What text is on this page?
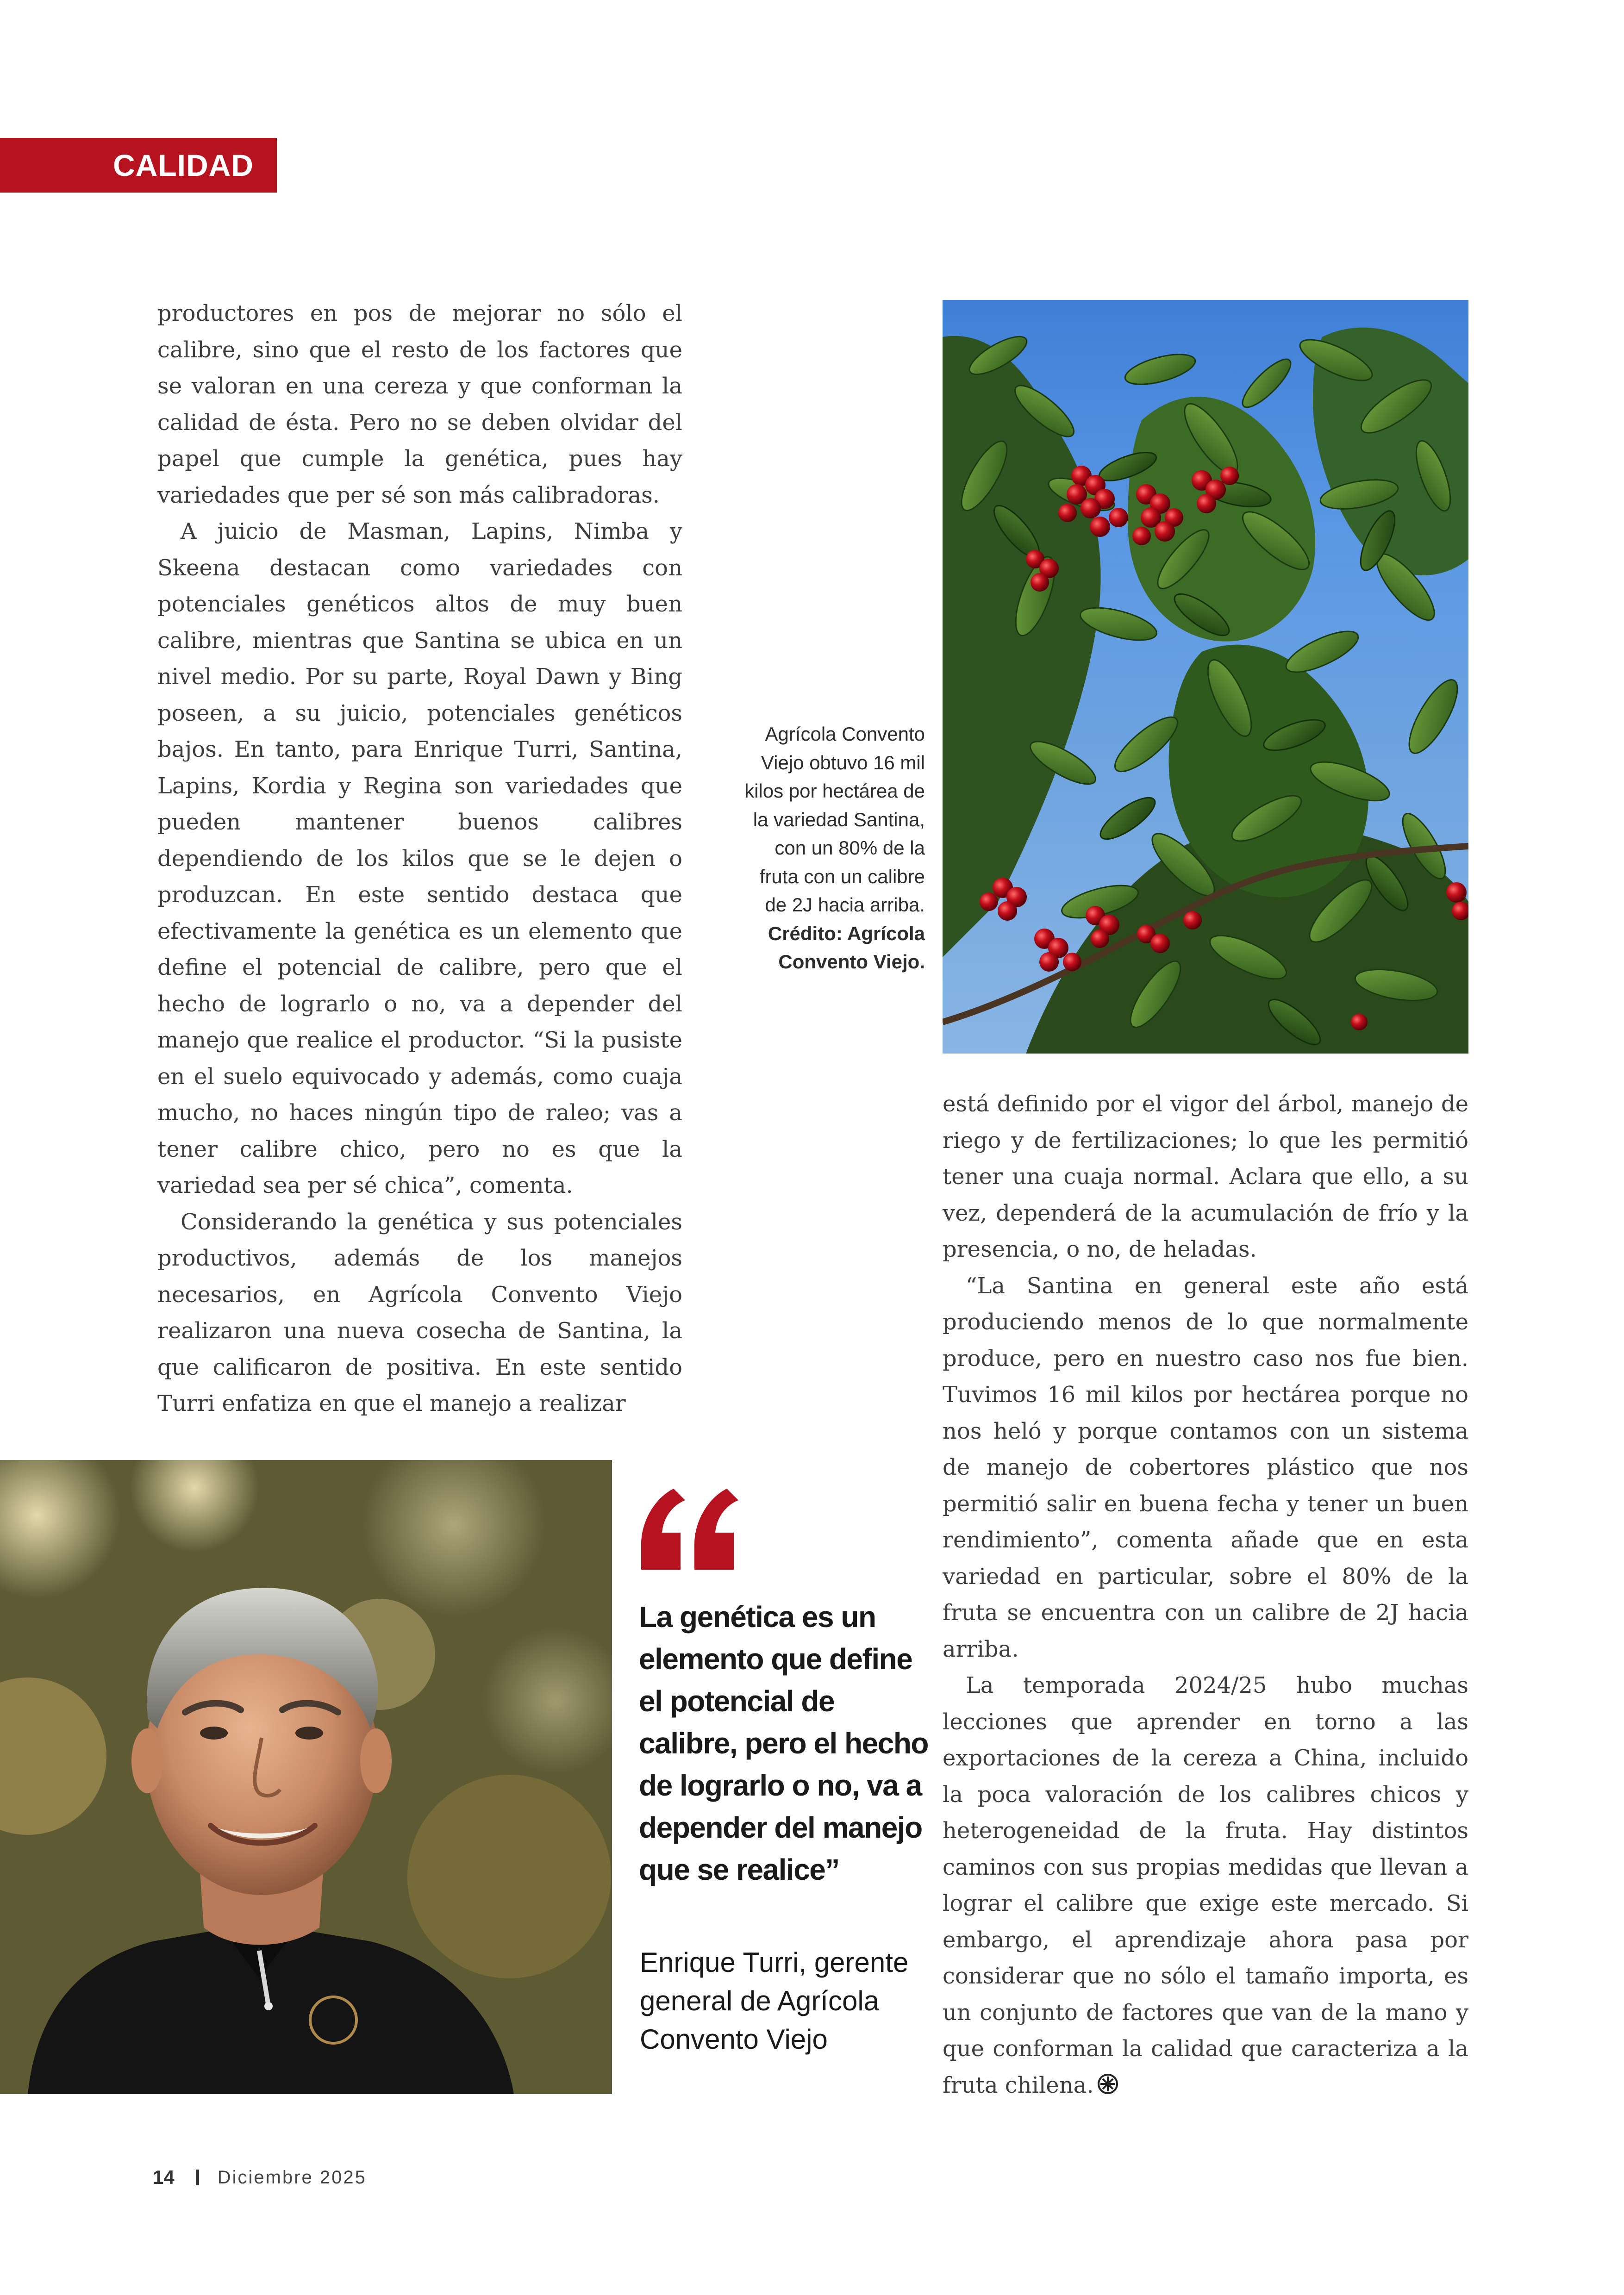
CALIDAD

productores en pos de mejorar no sólo el calibre, sino que el resto de los factores que se valoran en una cereza y que conforman la calidad de ésta. Pero no se deben olvidar del papel que cumple la genética, pues hay variedades que per sé son más calibradoras.

A juicio de Masman, Lapins, Nimba y Skeena destacan como variedades con potenciales genéticos altos de muy buen calibre, mientras que Santina se ubica en un nivel medio. Por su parte, Royal Dawn y Bing poseen, a su juicio, potenciales genéticos bajos. En tanto, para Enrique Turri, Santina, Lapins, Kordia y Regina son variedades que pueden mantener buenos calibres dependiendo de los kilos que se le dejen o produzcan. En este sentido destaca que efectivamente la genética es un elemento que define el potencial de calibre, pero que el hecho de lograrlo o no, va a depender del manejo que realice el productor. “Si la pusiste en el suelo equivocado y además, como cuaja mucho, no haces ningún tipo de raleo; vas a tener calibre chico, pero no es que la variedad sea per sé chica”, comenta.

Considerando la genética y sus potenciales productivos, además de los manejos necesarios, en Agrícola Convento Viejo realizaron una nueva cosecha de Santina, la que calificaron de positiva. En este sentido Turri enfatiza en que el manejo a realizar

Agrícola Convento Viejo obtuvo 16 mil kilos por hectárea de la variedad Santina, con un 80% de la fruta con un calibre de 2J hacia arriba. Crédito: Agrícola Convento Viejo.

está definido por el vigor del árbol, manejo de riego y de fertilizaciones; lo que les permitió tener una cuaja normal. Aclara que ello, a su vez, dependerá de la acumulación de frío y la presencia, o no, de heladas.

“La Santina en general este año está produciendo menos de lo que normalmente produce, pero en nuestro caso nos fue bien. Tuvimos 16 mil kilos por hectárea porque no nos heló y porque contamos con un sistema de manejo de cobertores plástico que nos permitió salir en buena fecha y tener un buen rendimiento”, comenta añade que en esta variedad en particular, sobre el 80% de la fruta se encuentra con un calibre de 2J hacia arriba.

La temporada 2024/25 hubo muchas lecciones que aprender en torno a las exportaciones de la cereza a China, incluido la poca valoración de los calibres chicos y heterogeneidad de la fruta. Hay distintos caminos con sus propias medidas que llevan a lograr el calibre que exige este mercado. Si embargo, el aprendizaje ahora pasa por considerar que no sólo el tamaño importa, es un conjunto de factores que van de la mano y que conforman la calidad que caracteriza a la fruta chilena.

La genética es un elemento que define el potencial de calibre, pero el hecho de lograrlo o no, va a depender del manejo que se realice”
Enrique Turri, gerente general de Agrícola Convento Viejo
14 Diciembre 2025
